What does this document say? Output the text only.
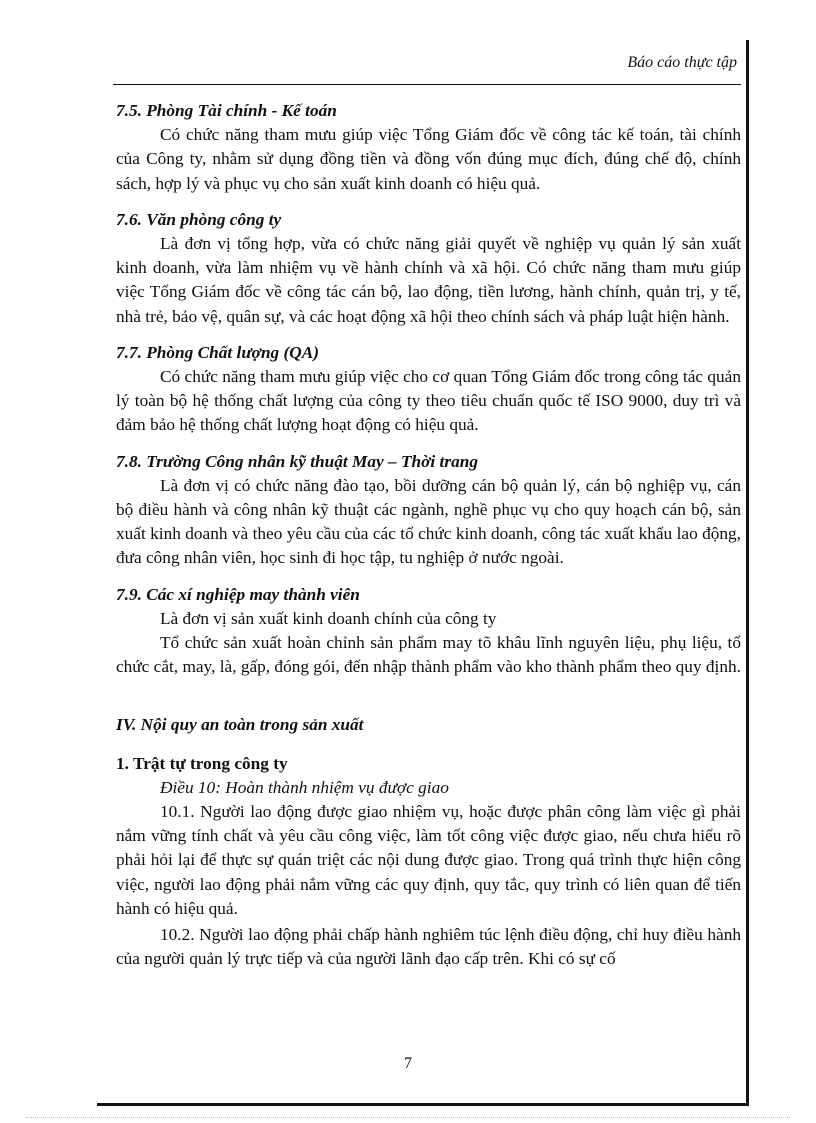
Báo cáo thực tập

7.5. Phòng Tài chính - Kế toán

Có chức năng tham mưu giúp việc Tổng Giám đốc về công tác kế toán, tài chính của Công ty, nhằm sử dụng đồng tiền và đồng vốn đúng mục đích, đúng chế độ, chính sách, hợp lý và phục vụ cho sản xuất kinh doanh có hiệu quả.

7.6. Văn phòng công ty

Là đơn vị tổng hợp, vừa có chức năng giải quyết về nghiệp vụ quản lý sản xuất kinh doanh, vừa làm nhiệm vụ về hành chính và xã hội. Có chức năng tham mưu giúp việc Tổng Giám đốc về công tác cán bộ, lao động, tiền lương, hành chính, quản trị, y tế, nhà trẻ, bảo vệ, quân sự, và các hoạt động xã hội theo chính sách và pháp luật hiện hành.

7.7. Phòng Chất lượng (QA)

Có chức năng tham mưu giúp việc cho cơ quan Tổng Giám đốc trong công tác quản lý toàn bộ hệ thống chất lượng của công ty theo tiêu chuẩn quốc tế ISO 9000, duy trì và đảm bảo hệ thống chất lượng hoạt động có hiệu quả.

7.8. Trường Công nhân kỹ thuật May – Thời trang

Là đơn vị có chức năng đào tạo, bồi dưỡng cán bộ quản lý, cán bộ nghiệp vụ, cán bộ điều hành và công nhân kỹ thuật các ngành, nghề phục vụ cho quy hoạch cán bộ, sản xuất kinh doanh và theo yêu cầu của các tổ chức kinh doanh, công tác xuất khẩu lao động, đưa công nhân viên, học sinh đi học tập, tu nghiệp ở nước ngoài.

7.9. Các xí nghiệp may thành viên

Là đơn vị sản xuất kinh doanh chính của công ty

Tổ chức sản xuất hoàn chỉnh sản phẩm may tõ khâu lĩnh nguyên liệu, phụ liệu, tổ chức cắt, may, là, gấp, đóng gói, đến nhập thành phẩm vào kho thành phẩm theo quy định.

IV. Nội quy an toàn trong sản xuất

1. Trật tự trong công ty

Điều 10: Hoàn thành nhiệm vụ được giao

10.1. Người lao động được giao nhiệm vụ, hoặc được phân công làm việc gì phải nắm vững tính chất và yêu cầu công việc, làm tốt công việc được giao, nếu chưa hiểu rõ phải hỏi lại để thực sự quán triệt các nội dung được giao. Trong quá trình thực hiện công việc, người lao động phải nắm vững các quy định, quy tắc, quy trình có liên quan để tiến hành có hiệu quả.

10.2. Người lao động phải chấp hành nghiêm túc lệnh điều động, chỉ huy điều hành của người quản lý trực tiếp và của người lãnh đạo cấp trên. Khi có sự cố

7
